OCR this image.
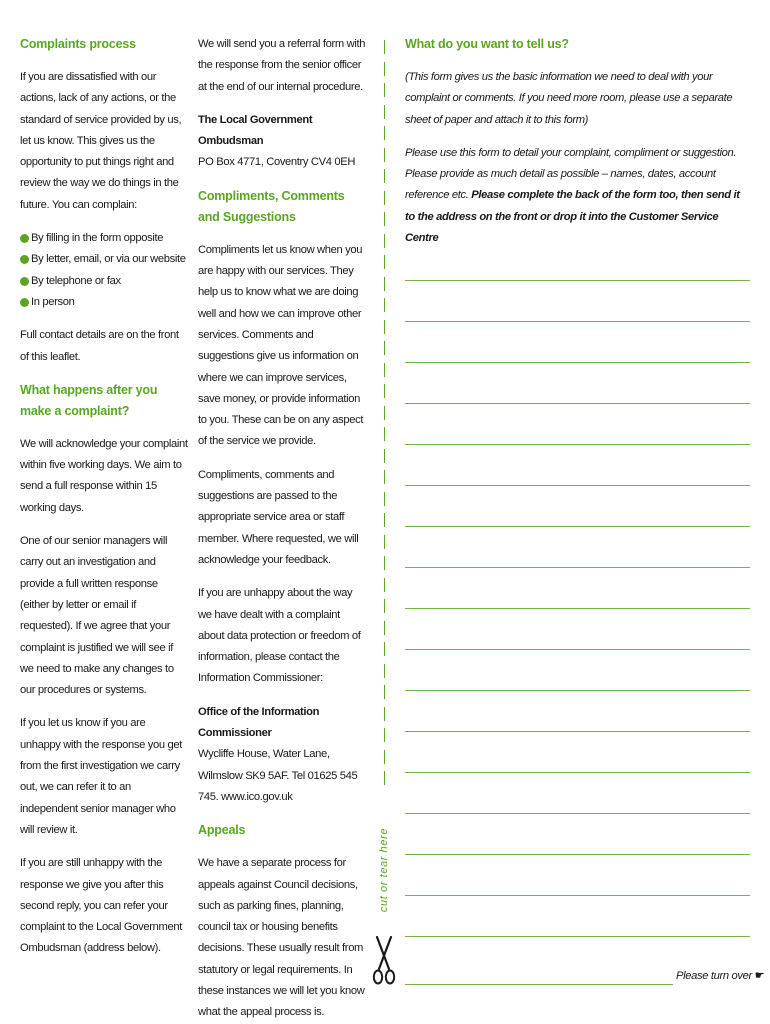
Complaints process

If you are dissatisfied with our actions, lack of any actions, or the standard of service provided by us, let us know. This gives us the opportunity to put things right and review the way we do things in the future. You can complain:

By filling in the form opposite
By letter, email, or via our website
By telephone or fax
In person

Full contact details are on the front of this leaflet.

What happens after you make a complaint?

We will acknowledge your complaint within five working days. We aim to send a full response within 15 working days.

One of our senior managers will carry out an investigation and provide a full written response (either by letter or email if requested). If we agree that your complaint is justified we will see if we need to make any changes to our procedures or systems.

If you let us know if you are unhappy with the response you get from the first investigation we carry out, we can refer it to an independent senior manager who will review it.

If you are still unhappy with the response we give you after this second reply, you can refer your complaint to the Local Government Ombudsman (address below).

We will send you a referral form with the response from the senior officer at the end of our internal procedure.

The Local Government Ombudsman

PO Box 4771, Coventry CV4 0EH

Compliments, Comments and Suggestions

Compliments let us know when you are happy with our services. They help us to know what we are doing well and how we can improve other services. Comments and suggestions give us information on where we can improve services, save money, or provide information to you. These can be on any aspect of the service we provide.

Compliments, comments and suggestions are passed to the appropriate service area or staff member. Where requested, we will acknowledge your feedback.

If you are unhappy about the way we have dealt with a complaint about data protection or freedom of information, please contact the Information Commissioner:

Office of the Information Commissioner

Wycliffe House, Water Lane, Wilmslow SK9 5AF. Tel 01625 545 745. www.ico.gov.uk

Appeals

We have a separate process for appeals against Council decisions, such as parking fines, planning, council tax or housing benefits decisions. These usually result from statutory or legal requirements. In these instances we will let you know what the appeal process is.

cut or tear here
What do you want to tell us?

(This form gives us the basic information we need to deal with your complaint or comments. If you need more room, please use a separate sheet of paper and attach it to this form)

Please use this form to detail your complaint, compliment or suggestion. Please provide as much detail as possible – names, dates, account reference etc. Please complete the back of the form too, then send it to the address on the front or drop it into the Customer Service Centre

Please turn over ☛
